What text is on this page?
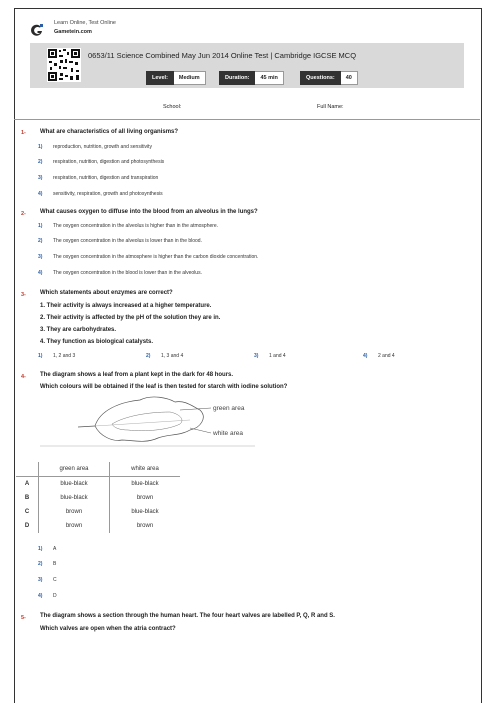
Learn Online, Test Online
Gametein.com
0653/11 Science Combined May Jun 2014 Online Test | Cambridge IGCSE MCQ
Level:	Medium	Duration:	45 min	Questions:	40
School:	Full Name:
1- What are characteristics of all living organisms?
1) reproduction, nutrition, growth and sensitivity
2) respiration, nutrition, digestion and photosynthesis
3) respiration, nutrition, digestion and transpiration
4) sensitivity, respiration, growth and photosynthesis
2- What causes oxygen to diffuse into the blood from an alveolus in the lungs?
1) The oxygen concentration in the alveolus is higher than in the atmosphere.
2) The oxygen concentration in the alveolus is lower than in the blood.
3) The oxygen concentration in the atmosphere is higher than the carbon dioxide concentration.
4) The oxygen concentration in the blood is lower than in the alveolus.
3- Which statements about enzymes are correct?
1. Their activity is always increased at a higher temperature.
2. Their activity is affected by the pH of the solution they are in.
3. They are carbohydrates.
4. They function as biological catalysts.
1) 1, 2 and 3	2) 1, 3 and 4	3) 1 and 4	4) 2 and 4
4- The diagram shows a leaf from a plant kept in the dark for 48 hours.
Which colours will be obtained if the leaf is then tested for starch with iodine solution?
green area
white area
	green area	white area
A	blue-black	blue-black
B	blue-black	brown
C	brown	blue-black
D	brown	brown
1) A
2) B
3) C
4) D
5- The diagram shows a section through the human heart. The four heart valves are labelled P, Q, R and S.
Which valves are open when the atria contract?
